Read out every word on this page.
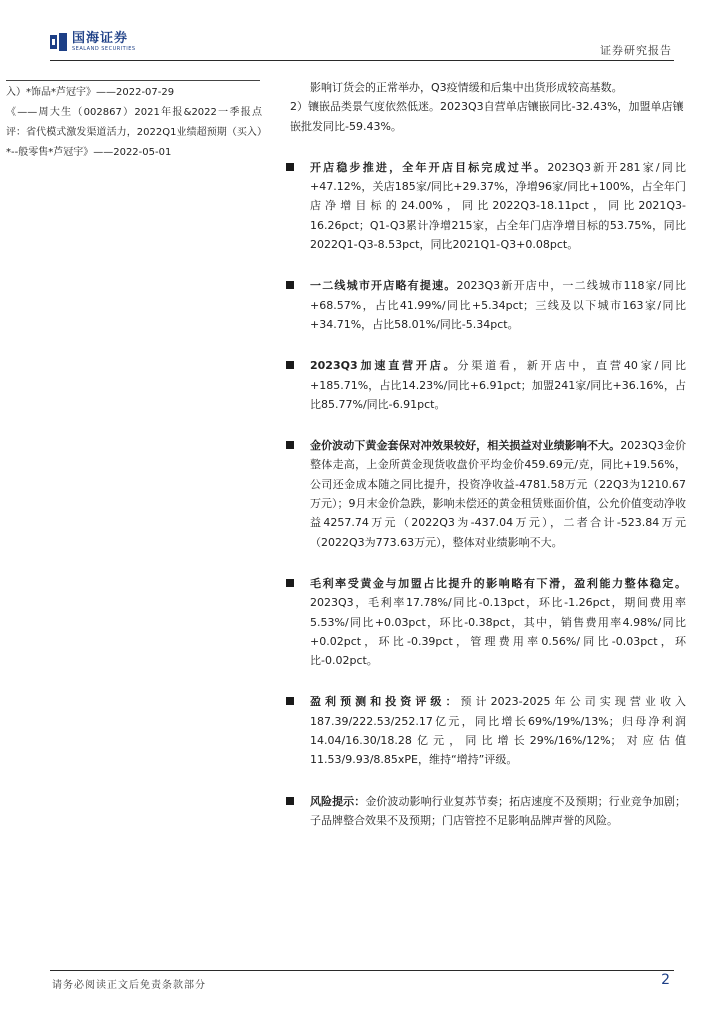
国海证券
SEALAND SECURITIES	证券研究报告

入）*饰品*芦冠宇》——2022-07-29

《——周大生（002867）2021年报&2022一季报点评：省代模式激发渠道活力，2022Q1业绩超预期（买入）*--般零售*芦冠宇》——2022-05-01

影响订货会的正常举办，Q3疫情缓和后集中出货形成较高基数。

2）镶嵌品类景气度依然低迷。2023Q3自营单店镶嵌同比-32.43%，加盟单店镶嵌批发同比-59.43%。

开店稳步推进，全年开店目标完成过半。2023Q3新开281家/同比+47.12%，关店185家/同比+29.37%，净增96家/同比+100%，占全年门店净增目标的24.00%，同比2022Q3-18.11pct，同比2021Q3-16.26pct；Q1-Q3累计净增215家，占全年门店净增目标的53.75%，同比2022Q1-Q3-8.53pct，同比2021Q1-Q3+0.08pct。

一二线城市开店略有提速。2023Q3新开店中，一二线城市118家/同比+68.57%，占比41.99%/同比+5.34pct；三线及以下城市163家/同比+34.71%，占比58.01%/同比-5.34pct。

2023Q3加速直营开店。分渠道看，新开店中，直营40家/同比+185.71%，占比14.23%/同比+6.91pct；加盟241家/同比+36.16%，占比85.77%/同比-6.91pct。

金价波动下黄金套保对冲效果较好，相关损益对业绩影响不大。2023Q3金价整体走高，上金所黄金现货收盘价平均金价459.69元/克，同比+19.56%，公司还金成本随之同比提升，投资净收益-4781.58万元（22Q3为1210.67万元）；9月末金价急跌，影响未偿还的黄金租赁账面价值，公允价值变动净收益4257.74万元（2022Q3为-437.04万元），二者合计-523.84万元（2022Q3为773.63万元），整体对业绩影响不大。

毛利率受黄金与加盟占比提升的影响略有下滑，盈利能力整体稳定。2023Q3，毛利率17.78%/同比-0.13pct，环比-1.26pct，期间费用率5.53%/同比+0.03pct，环比-0.38pct，其中，销售费用率4.98%/同比+0.02pct，环比-0.39pct，管理费用率0.56%/同比-0.03pct，环比-0.02pct。

盈利预测和投资评级：预计2023-2025年公司实现营业收入187.39/222.53/252.17亿元，同比增长69%/19%/13%；归母净利润14.04/16.30/18.28亿元，同比增长29%/16%/12%；对应估值11.53/9.93/8.85xPE，维持“增持”评级。

风险提示：金价波动影响行业复苏节奏；拓店速度不及预期；行业竞争加剧；子品牌整合效果不及预期；门店管控不足影响品牌声誉的风险。

请务必阅读正文后免责条款部分	2
